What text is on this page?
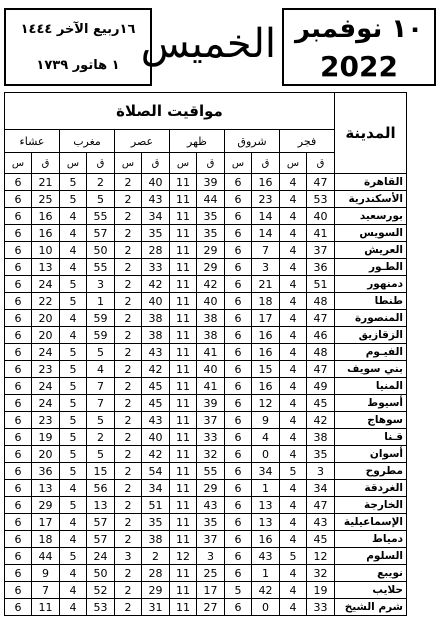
١٦ربيع الآخر ١٤٤٤
١ هاتور ١٧٣٩ الخميس ١٠ نوفمبر
2022
المدينة	مواقيت الصلاة											
	فجر		شروق		ظهر		عصر		مغرب		عشاء	
	ق	س	ق	س	ق	س	ق	س	ق	س	ق	س
القاهرة	47	4	16	6	39	11	40	2	2	5	21	6
الأسكندرية	53	4	23	6	44	11	43	2	5	5	25	6
بورسعيد	40	4	14	6	35	11	34	2	55	4	16	6
السويس	41	4	14	6	35	11	35	2	57	4	16	6
العريش	37	4	7	6	29	11	28	2	50	4	10	6
الطـور	36	4	3	6	29	11	33	2	55	4	13	6
دمنهور	51	4	21	6	42	11	42	2	3	5	24	6
طنطا	48	4	18	6	40	11	40	2	1	5	22	6
المنصورة	47	4	17	6	38	11	38	2	59	4	20	6
الزقازيق	46	4	16	6	38	11	38	2	59	4	20	6
الفيـوم	48	4	16	6	41	11	43	2	5	5	24	6
بني سويف	47	4	15	6	40	11	42	2	4	5	23	6
المنيا	49	4	16	6	41	11	45	2	7	5	24	6
أسيوط	45	4	12	6	39	11	45	2	7	5	24	6
سوهاج	42	4	9	6	37	11	43	2	5	5	23	6
قـنا	38	4	4	6	33	11	40	2	2	5	19	6
أسوان	35	4	0	6	32	11	42	2	5	5	20	6
مطروح	3	5	34	6	55	11	54	2	15	5	36	6
الغردقة	34	4	1	6	29	11	34	2	56	4	13	6
الخارجة	47	4	13	6	43	11	51	2	13	5	29	6
الإسماعيلية	43	4	13	6	35	11	35	2	57	4	17	6
دمياط	45	4	16	6	37	11	38	2	57	4	18	6
السلوم	12	5	43	6	3	12	2	3	24	5	44	6
نويبع	32	4	1	6	25	11	28	2	50	4	9	6
حلايب	19	4	42	5	17	11	29	2	52	4	7	6
شرم الشيخ	33	4	0	6	27	11	31	2	53	4	11	6
